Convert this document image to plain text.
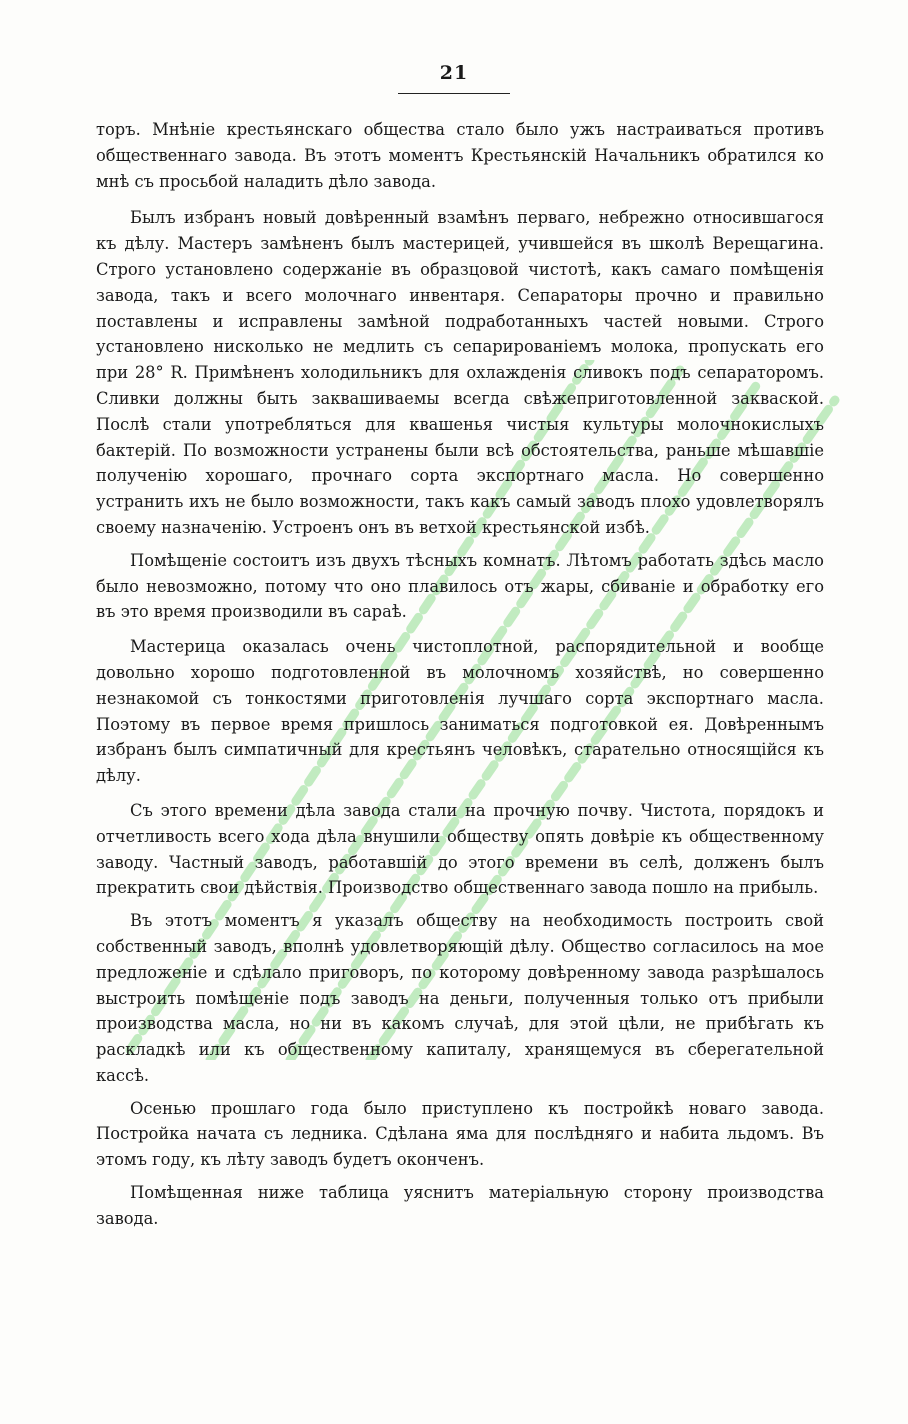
21

торъ. Мнѣніе крестьянскаго общества стало было ужъ настраиваться противъ общественнаго завода. Въ этотъ моментъ Крестьянскій Начальникъ обратился ко мнѣ съ просьбой наладить дѣло завода.

Былъ избранъ новый довѣренный взамѣнъ перваго, небрежно относившагося къ дѣлу. Мастеръ замѣненъ былъ мастерицей, учившейся въ школѣ Верещагина. Строго установлено содержаніе въ образцовой чистотѣ, какъ самаго помѣщенія завода, такъ и всего молочнаго инвентаря. Сепараторы прочно и правильно поставлены и исправлены замѣной подработанныхъ частей новыми. Строго установлено нисколько не медлить съ сепарированіемъ молока, пропускать его при 28° R. Примѣненъ холодильникъ для охлажденія сливокъ подъ сепараторомъ. Сливки должны быть заквашиваемы всегда свѣжеприготовленной закваской. Послѣ стали употребляться для квашенья чистыя культуры молочнокислыхъ бактерій. По возможности устранены были всѣ обстоятельства, раньше мѣшавшіе полученію хорошаго, прочнаго сорта экспортнаго масла. Но совершенно устранить ихъ не было возможности, такъ какъ самый заводъ плохо удовлетворялъ своему назначенію. Устроенъ онъ въ ветхой крестьянской избѣ.

Помѣщеніе состоитъ изъ двухъ тѣсныхъ комнатъ. Лѣтомъ работать здѣсь масло было невозможно, потому что оно плавилось отъ жары, сбиваніе и обработку его въ это время производили въ сараѣ.

Мастерица оказалась очень чистоплотной, распорядительной и вообще довольно хорошо подготовленной въ молочномъ хозяйствѣ, но совершенно незнакомой съ тонкостями приготовленія лучшаго сорта экспортнаго масла. Поэтому въ первое время пришлось заниматься подготовкой ея. Довѣреннымъ избранъ былъ симпатичный для крестьянъ человѣкъ, старательно относящійся къ дѣлу.

Съ этого времени дѣла завода стали на прочную почву. Чистота, порядокъ и отчетливость всего хода дѣла внушили обществу опять довѣріе къ общественному заводу. Частный заводъ, работавшій до этого времени въ селѣ, долженъ былъ прекратить свои дѣйствія. Производство общественнаго завода пошло на прибыль.

Въ этотъ моментъ я указалъ обществу на необходимость построить свой собственный заводъ, вполнѣ удовлетворяющій дѣлу. Общество согласилось на мое предложеніе и сдѣлало приговоръ, по которому довѣренному завода разрѣшалось выстроить помѣщеніе подъ заводъ на деньги, полученныя только отъ прибыли производства масла, но ни въ какомъ случаѣ, для этой цѣли, не прибѣгать къ раскладкѣ или къ общественному капиталу, хранящемуся въ сберегательной кассѣ.

Осенью прошлаго года было приступлено къ постройкѣ новаго завода. Постройка начата съ ледника. Сдѣлана яма для послѣдняго и набита льдомъ. Въ этомъ году, къ лѣту заводъ будетъ оконченъ.

Помѣщенная ниже таблица уяснитъ матеріальную сторону производства завода.
